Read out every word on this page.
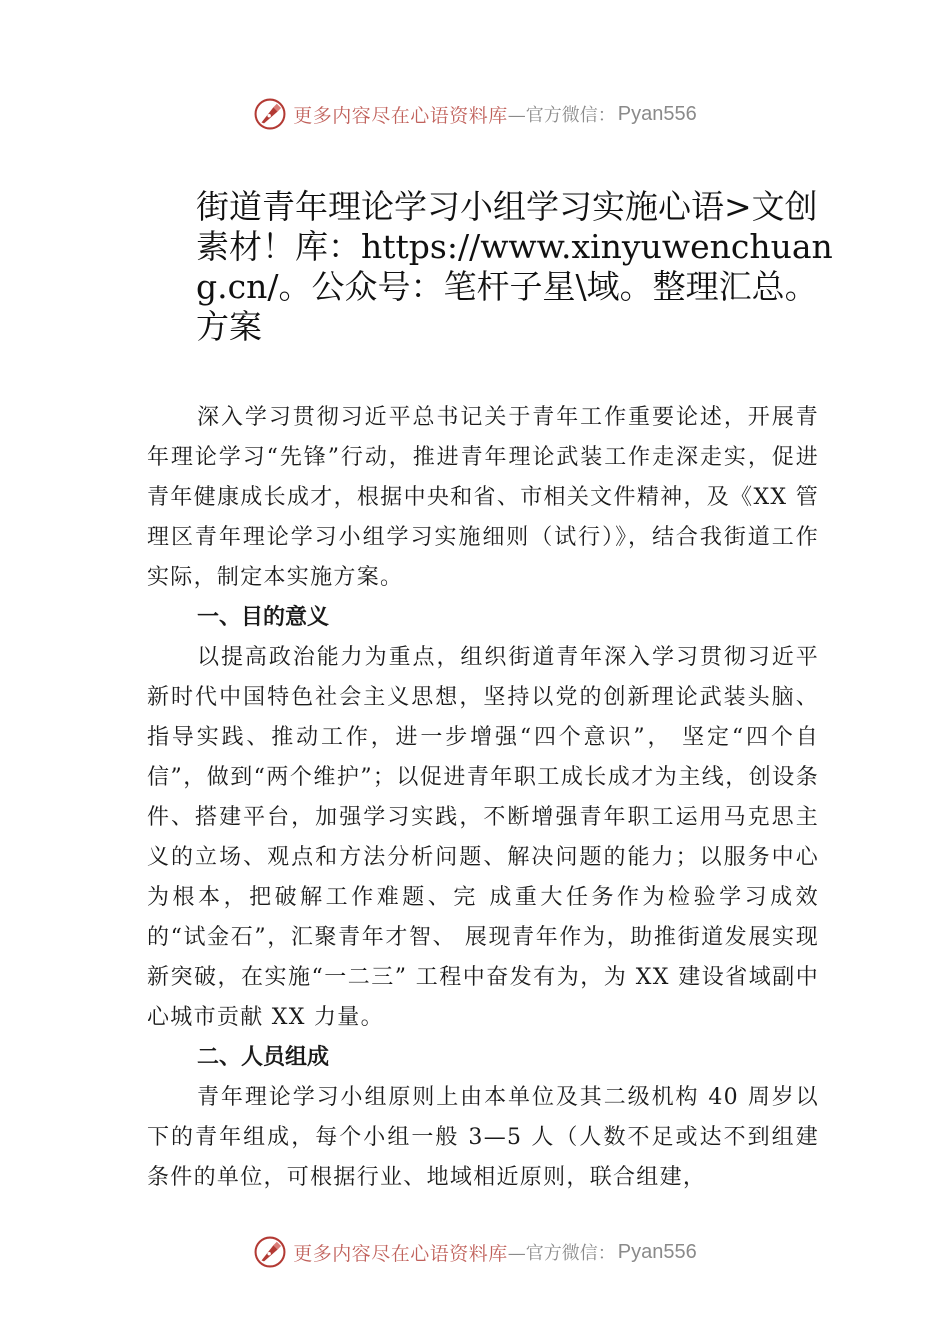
更多内容尽在心语资料库 —官方微信： Pyan556
街道青年理论学习小组学习实施心语>文创素材！库：https://www.xinyuwenchuang.cn/。公众号：笔杆子星\域。整理汇总。方案

深入学习贯彻习近平总书记关于青年工作重要论述，开展青年理论学习“先锋”行动，推进青年理论武装工作走深走实，促进青年健康成长成才，根据中央和省、市相关文件精神，及《XX 管理区青年理论学习小组学习实施细则（试行）》，结合我街道工作实际，制定本实施方案。

一、目的意义

以提高政治能力为重点，组织街道青年深入学习贯彻习近平新时代中国特色社会主义思想，坚持以党的创新理论武装头脑、指导实践、推动工作，进一步增强“四个意识”， 坚定“四个自信”，做到“两个维护”；以促进青年职工成长成才为主线，创设条件、搭建平台，加强学习实践，不断增强青年职工运用马克思主义的立场、观点和方法分析问题、解决问题的能力；以服务中心为根本，把破解工作难题、完 成重大任务作为检验学习成效的“试金石”，汇聚青年才智、 展现青年作为，助推街道发展实现新突破，在实施“一二三” 工程中奋发有为，为 XX 建设省域副中心城市贡献 XX 力量。

二、人员组成

青年理论学习小组原则上由本单位及其二级机构 40 周岁以下的青年组成，每个小组一般 3—5 人（人数不足或达不到组建条件的单位，可根据行业、地域相近原则，联合组建，

更多内容尽在心语资料库 —官方微信： Pyan556
